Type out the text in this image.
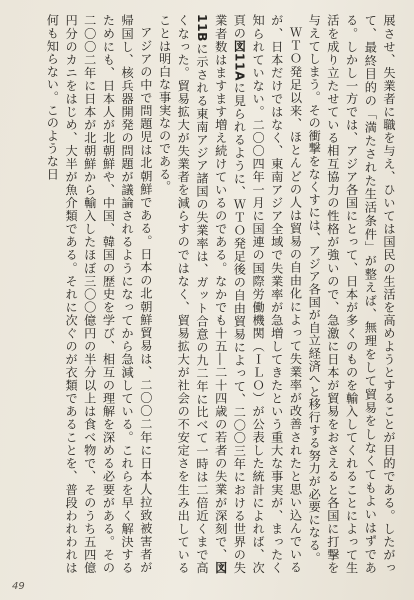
展させ、失業者に職を与え、ひいては国民の生活を高めようとすることが目的である。したがって、最終目的の「満たされた生活条件」が整えば、無理をして貿易をしなくてもよいはずである。しかし一方では、アジア各国にとって、日本が多くのものを輸入してくれることによって生活を成り立たせている相互協力の性格が強いので、急激に日本が貿易をおさえると各国に打撃を与えてしまう。その衝撃をなくすには、アジア各国が自立経済へと移行する努力が必要になる。

ＷＴＯ発足以来、ほとんどの人は貿易の自由化によって失業率が改善されたと思い込んでいるが、日本だけではなく、東南アジア全域で失業率が急増してきたという重大な事実が、まったく知られていない。二〇〇四年一月に国連の国際労働機関（ＩＬＯ）が公表した統計によれば、次頁の図11Aに見られるように、ＷＴＯ発足後の自由貿易によって、二〇〇三年における世界の失業者数はますます増え続けているのである。なかでも十五―二十四歳の若者の失業が深刻で、図11Bに示される東南アジア諸国の失業率は、ガット合意の九二年に比べて一時は二倍近くまで高くなった。貿易拡大が失業者を減らすのではなく、貿易拡大が社会の不安定さを生み出していることは明白な事実なのである。

アジアの中で問題児は北朝鮮である。日本の北朝鮮貿易は、二〇〇二年に日本人拉致被害者が帰国し、核兵器開発の問題が議論されるようになってから急減している。これらを早く解決するためにも、日本人が北朝鮮や、中国、韓国の歴史を学び、相互の理解を深める必要がある。その二〇〇二年に日本が北朝鮮から輸入したほぼ三〇〇億円の半分以上は食べ物で、そのうち五四億円分のカニをはじめ、大半が魚介類である。それに次ぐのが衣類であることを、普段われわれは何も知らない。このような日

49
